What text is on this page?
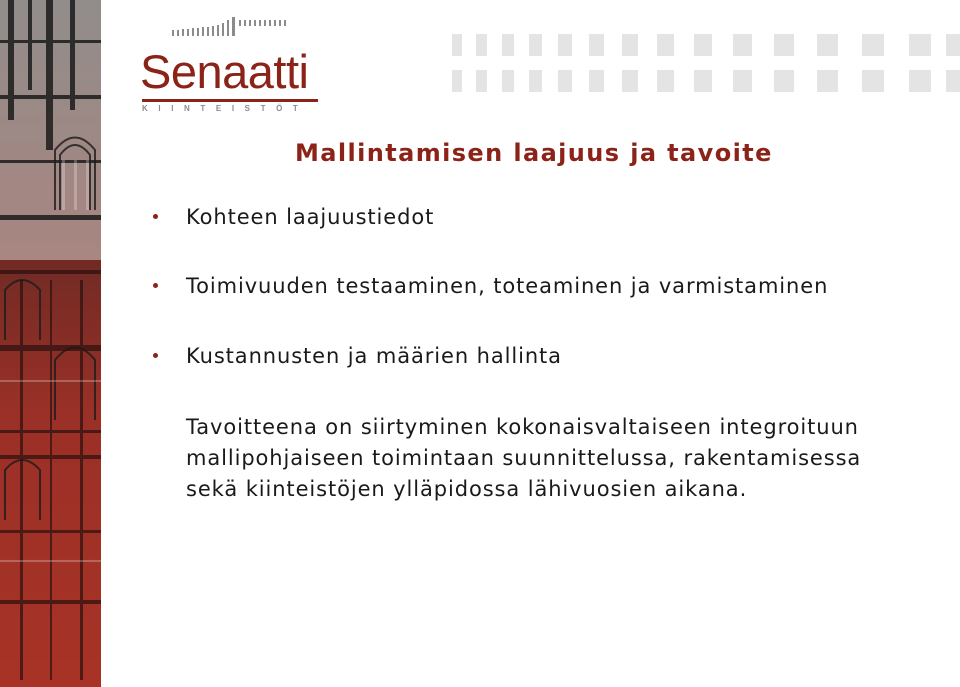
Senaatti
KIINTEISTÖT
Mallintamisen laajuus ja tavoite
Kohteen laajuustiedot
Toimivuuden testaaminen, toteaminen ja varmistaminen
Kustannusten ja määrien hallinta
Tavoitteena on siirtyminen kokonaisvaltaiseen integroituun
mallipohjaiseen toimintaan suunnittelussa, rakentamisessa
sekä kiinteistöjen ylläpidossa lähivuosien aikana.
